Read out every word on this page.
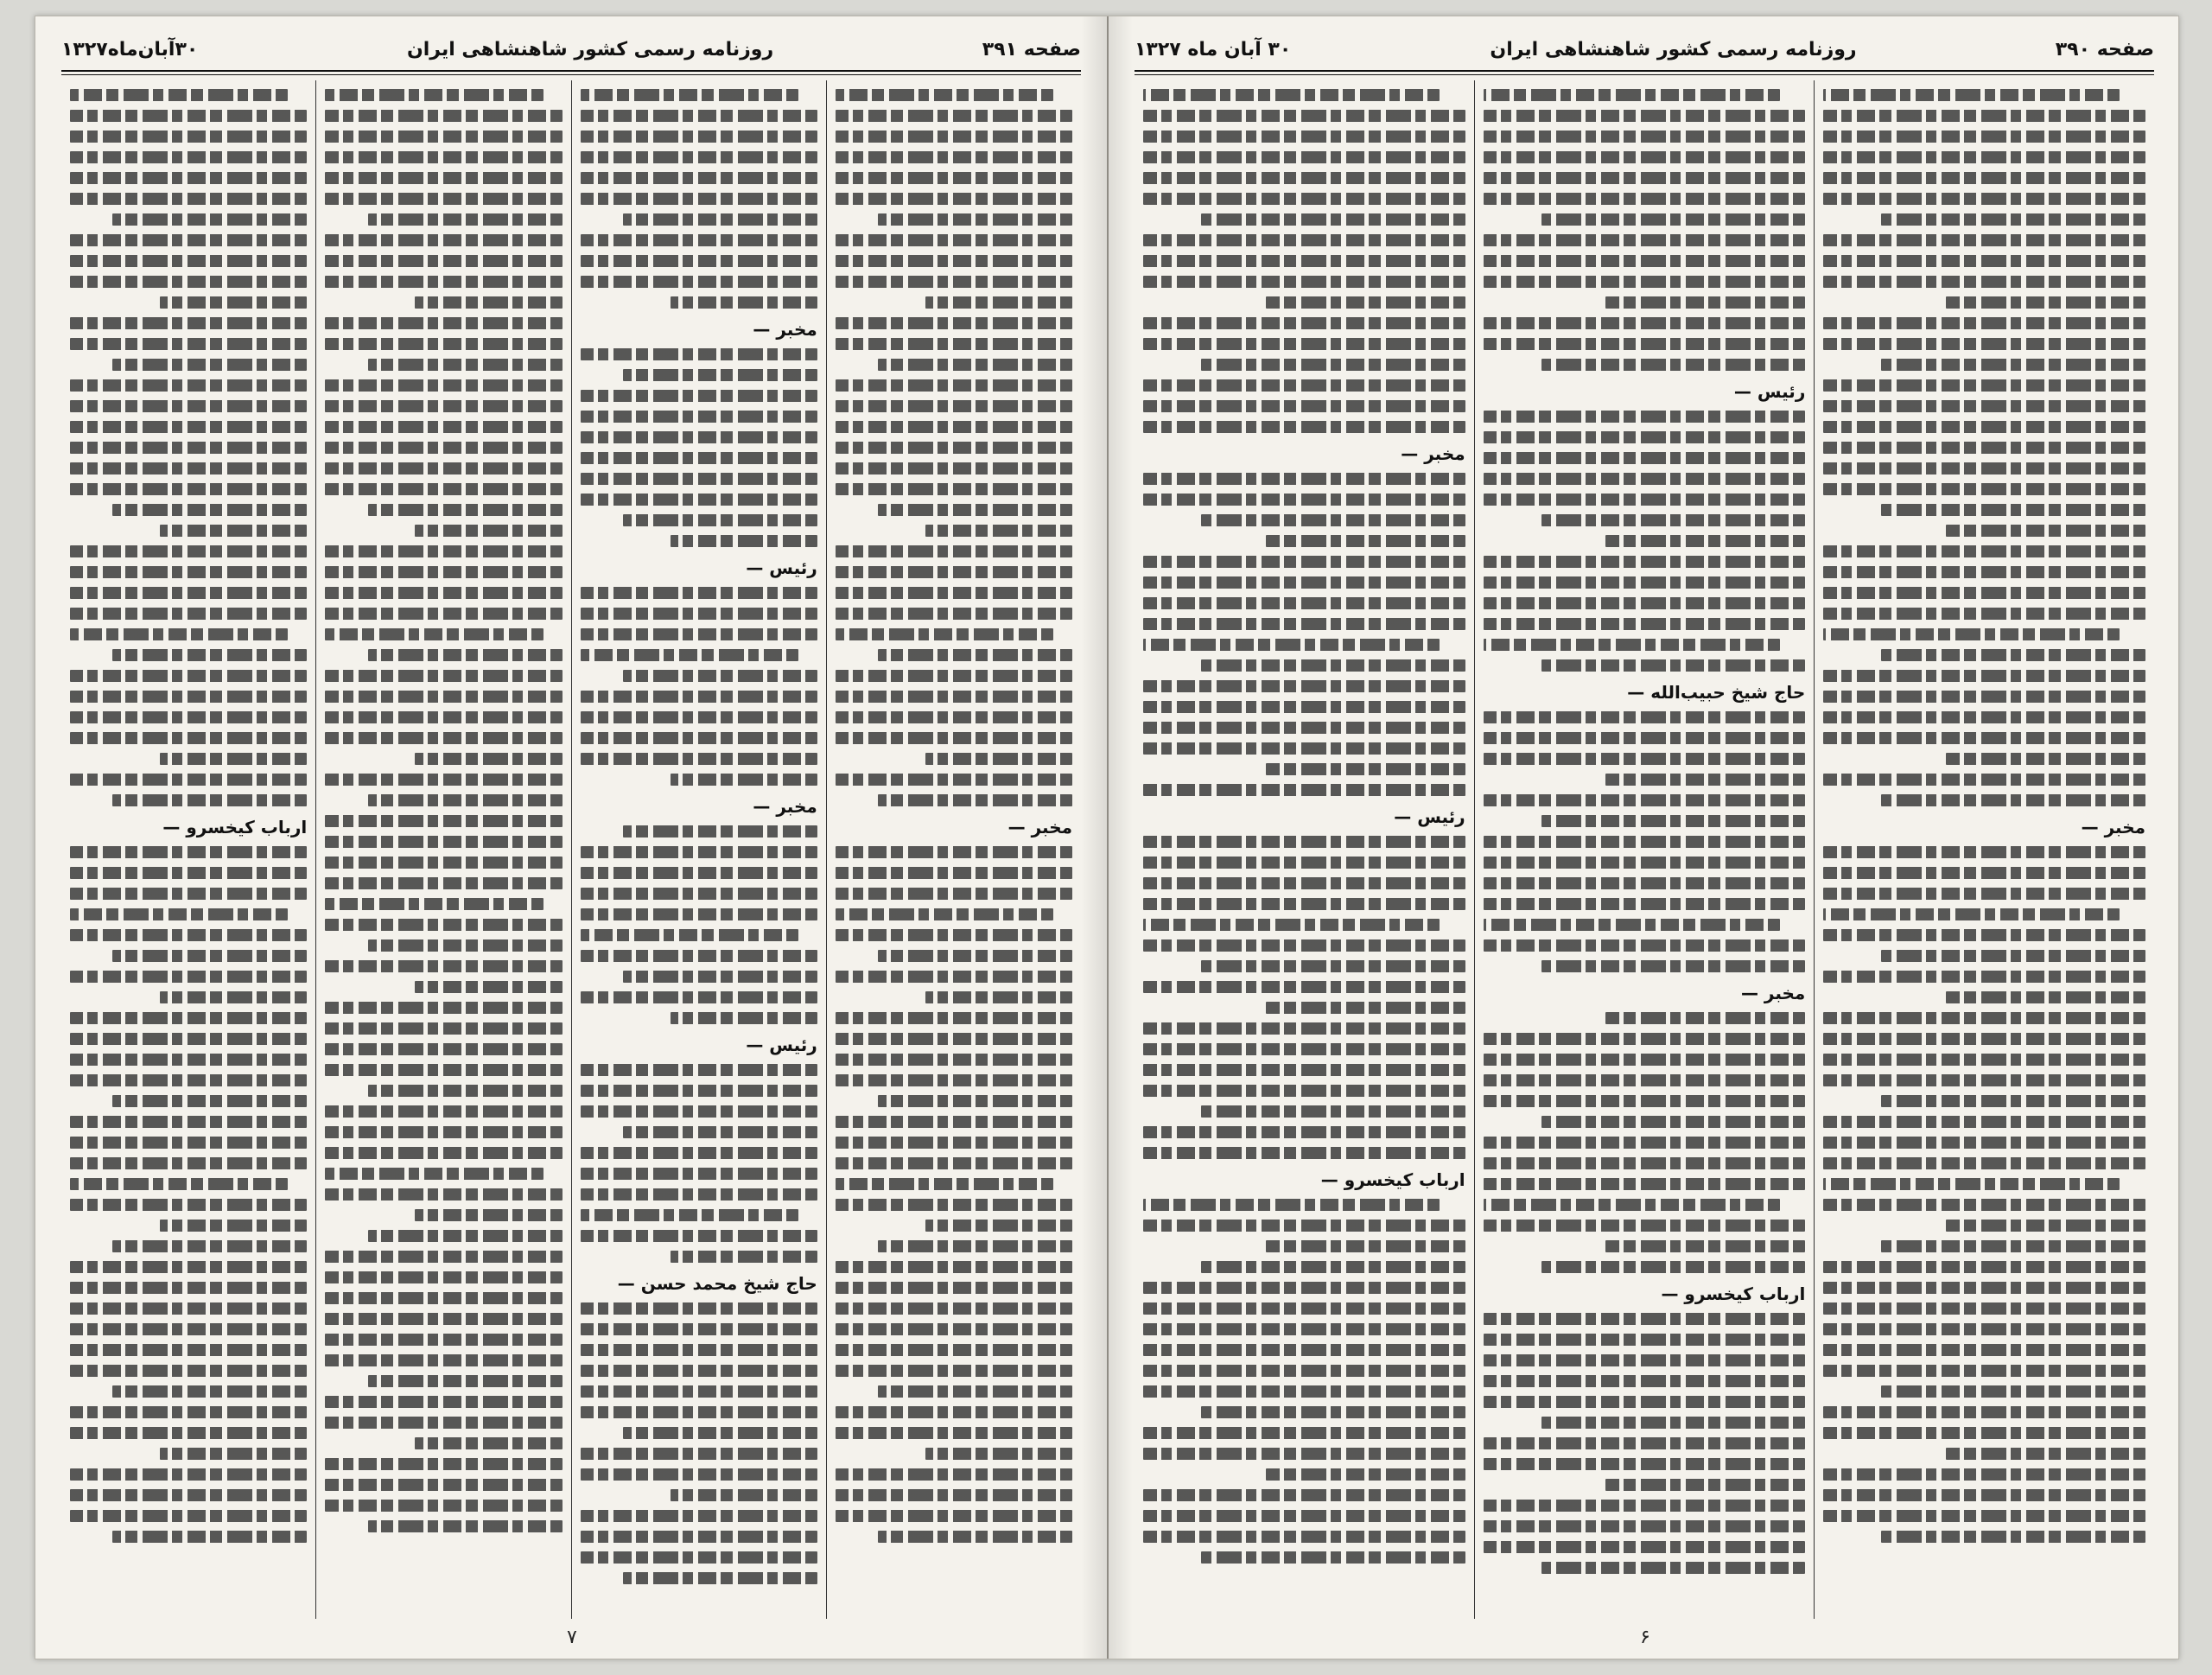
صفحه ۳۹۱
روزنامه رسمی کشور شاهنشاهی ایران
۳۰آبان‌ماه۱۳۲۷
مخبر —
مخبر —
رئیس —
مخبر —
رئیس —
حاج شیخ محمد حسن —
ارباب کیخسرو —
۷
صفحه ۳۹۰
روزنامه رسمی کشور شاهنشاهی ایران
۳۰ آبان ماه ۱۳۲۷
مخبر —
رئیس —
حاج شیخ حبیب‌الله —
مخبر —
ارباب کیخسرو —
مخبر —
رئیس —
ارباب کیخسرو —
۶
